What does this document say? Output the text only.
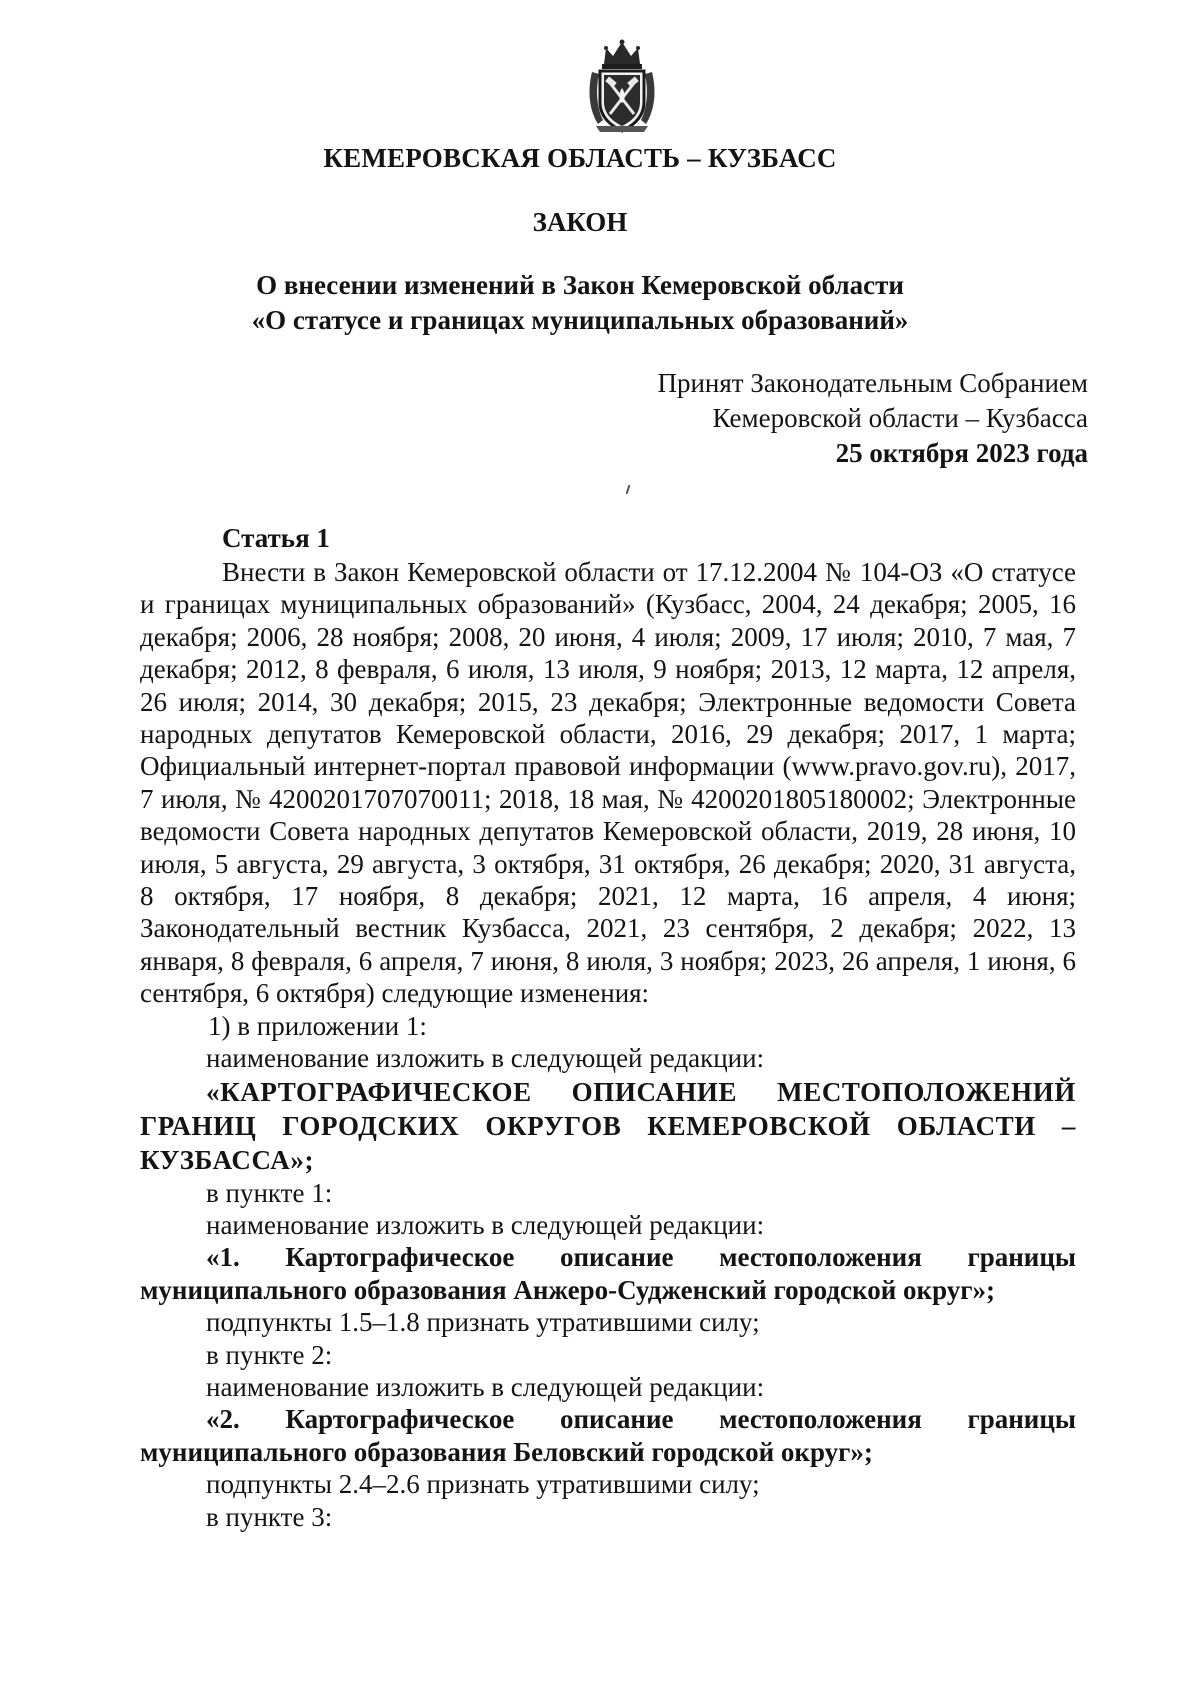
КЕМЕРОВСКАЯ ОБЛАСТЬ – КУЗБАСС
ЗАКОН
О внесении изменений в Закон Кемеровской области
«О статусе и границах муниципальных образований»
Принят Законодательным Собранием
Кемеровской области – Кузбасса
25 октября 2023 года
Статья 1

Внести в Закон Кемеровской области от 17.12.2004 № 104-ОЗ «О статусе и границах муниципальных образований» (Кузбасс, 2004, 24 декабря; 2005, 16 декабря; 2006, 28 ноября; 2008, 20 июня, 4 июля; 2009, 17 июля; 2010, 7 мая, 7 декабря; 2012, 8 февраля, 6 июля, 13 июля, 9 ноября; 2013, 12 марта, 12 апреля, 26 июля; 2014, 30 декабря; 2015, 23 декабря; Электронные ведомости Совета народных депутатов Кемеровской области, 2016, 29 декабря; 2017, 1 марта; Официальный интернет-портал правовой информации (www.pravo.gov.ru), 2017, 7 июля, № 4200201707070011; 2018, 18 мая, № 4200201805180002; Электронные ведомости Совета народных депутатов Кемеровской области, 2019, 28 июня, 10 июля, 5 августа, 29 августа, 3 октября, 31 октября, 26 декабря; 2020, 31 августа, 8 октября, 17 ноября, 8 декабря; 2021, 12 марта, 16 апреля, 4 июня; Законодательный вестник Кузбасса, 2021, 23 сентября, 2 декабря; 2022, 13 января, 8 февраля, 6 апреля, 7 июня, 8 июля, 3 ноября; 2023, 26 апреля, 1 июня, 6 сентября, 6 октября) следующие изменения:

1) в приложении 1:

наименование изложить в следующей редакции:

«КАРТОГРАФИЧЕСКОЕ ОПИСАНИЕ МЕСТОПОЛОЖЕНИЙ ГРАНИЦ ГОРОДСКИХ ОКРУГОВ КЕМЕРОВСКОЙ ОБЛАСТИ – КУЗБАССА»;

в пункте 1:

наименование изложить в следующей редакции:

«1. Картографическое описание местоположения границы муниципального образования Анжеро-Судженский городской округ»;

подпункты 1.5–1.8 признать утратившими силу;

в пункте 2:

наименование изложить в следующей редакции:

«2. Картографическое описание местоположения границы муниципального образования Беловский городской округ»;

подпункты 2.4–2.6 признать утратившими силу;

в пункте 3:
